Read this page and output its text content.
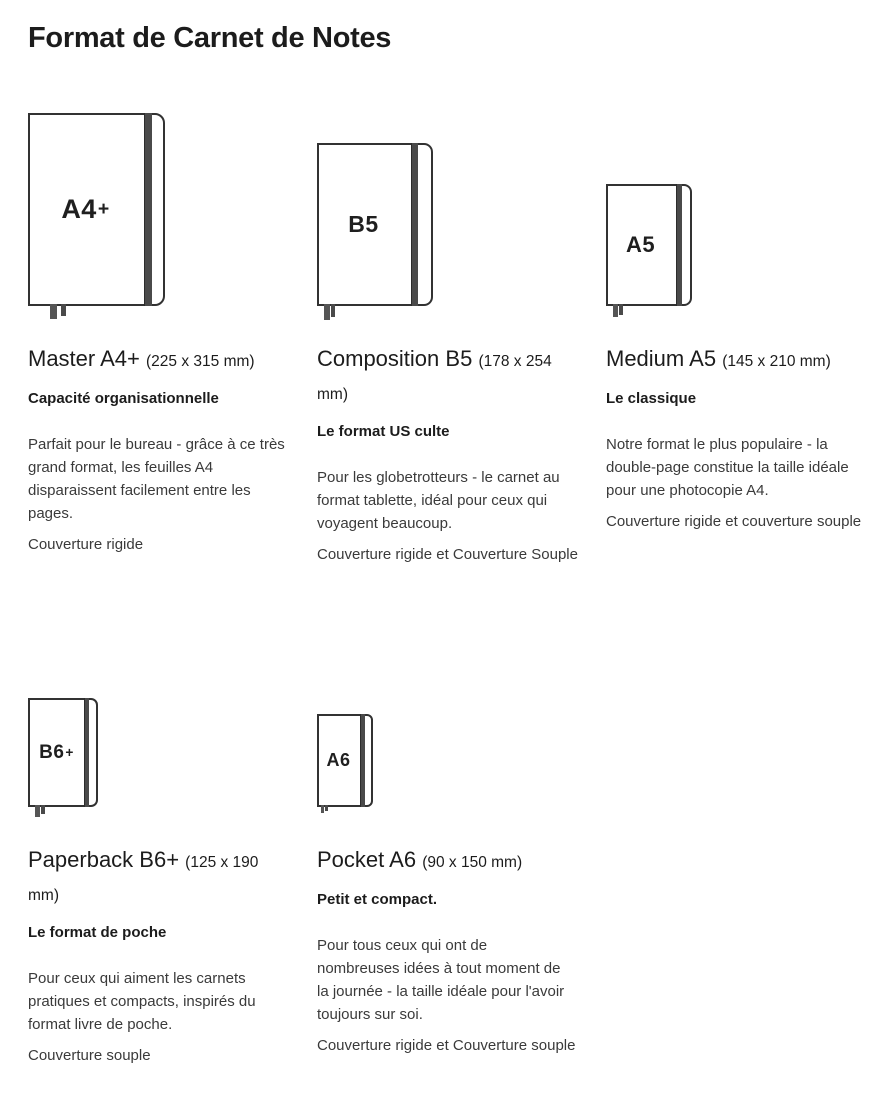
Format de Carnet de Notes
A4 +
Master A4+ (225 x 315 mm)

Capacité organisationnelle

Parfait pour le bureau - grâce à ce très grand format, les feuilles A4 disparaissent facilement entre les pages.

Couverture rigide

B5
Composition B5 (178 x 254 mm)

Le format US culte

Pour les globetrotteurs - le carnet au format tablette, idéal pour ceux qui voyagent beaucoup.

Couverture rigide et Couverture Souple

A5
Medium A5 (145 x 210 mm)

Le classique

Notre format le plus populaire - la double-page constitue la taille idéale pour une photocopie A4.

Couverture rigide et couverture souple

B6 +
Paperback B6+ (125 x 190 mm)

Le format de poche

Pour ceux qui aiment les carnets pratiques et compacts, inspirés du format livre de poche.

Couverture souple

A6
Pocket A6 (90 x 150 mm)

Petit et compact.

Pour tous ceux qui ont de nombreuses idées à tout moment de la journée - la taille idéale pour l'avoir toujours sur soi.

Couverture rigide et Couverture souple
